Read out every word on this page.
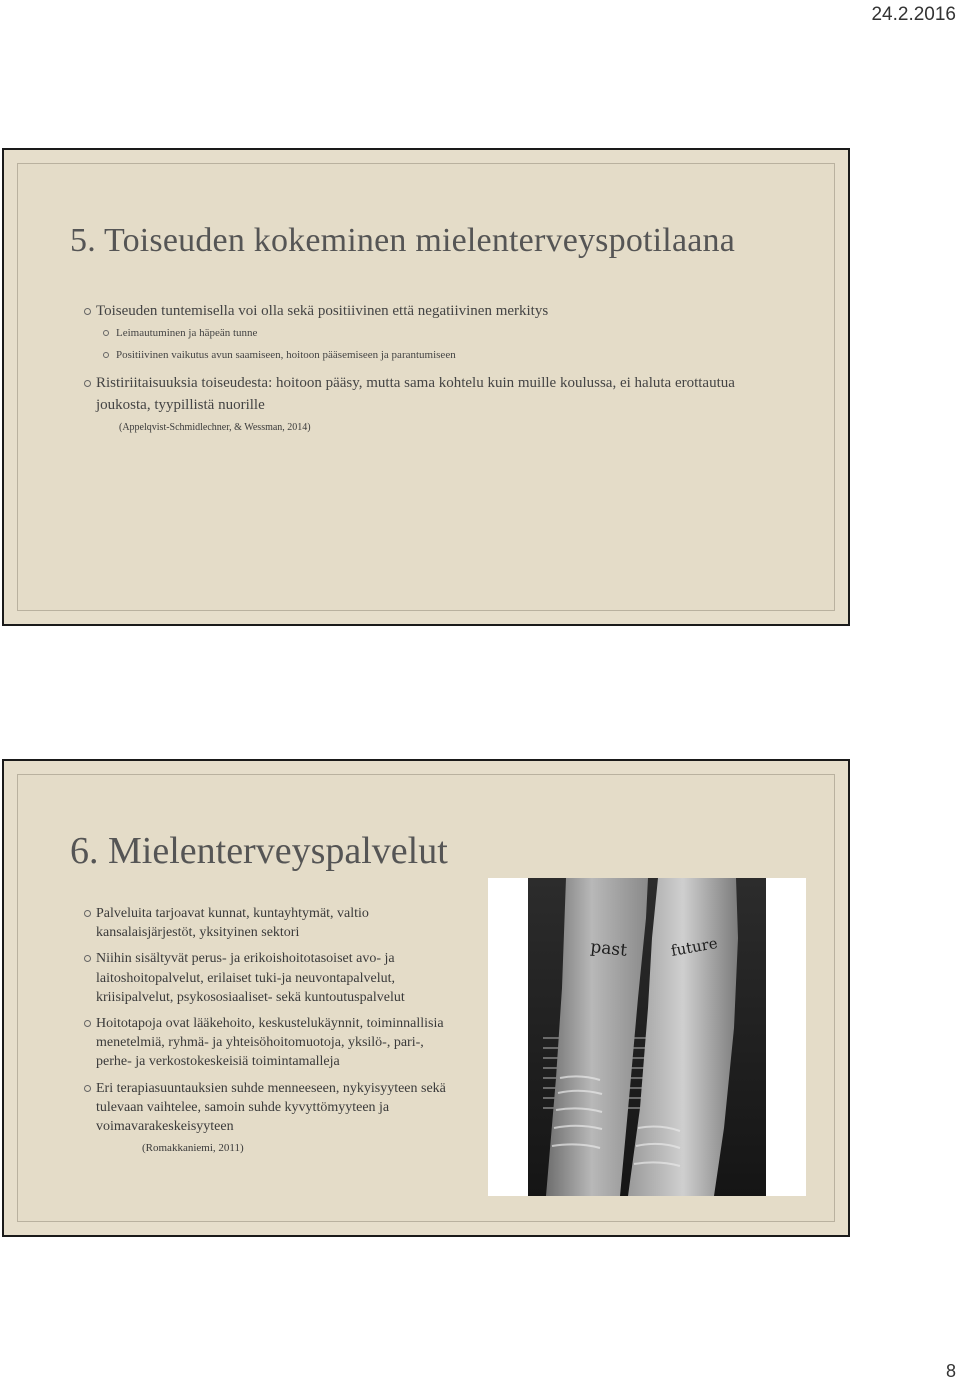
24.2.2016
5. Toiseuden kokeminen mielenterveyspotilaana
Toiseuden tuntemisella voi olla sekä positiivinen että negatiivinen merkitys
Leimautuminen ja häpeän tunne
Positiivinen vaikutus avun saamiseen, hoitoon pääsemiseen ja parantumiseen
Ristiriitaisuuksia toiseudesta: hoitoon pääsy, mutta sama kohtelu kuin muille koulussa, ei haluta erottautua joukosta, tyypillistä nuorille
(Appelqvist-Schmidlechner, & Wessman, 2014)
6. Mielenterveyspalvelut
Palveluita tarjoavat kunnat, kuntayhtymät, valtio kansalaisjärjestöt, yksityinen sektori
Niihin sisältyvät perus- ja erikoishoitotasoiset avo- ja laitoshoitopalvelut, erilaiset tuki-ja neuvontapalvelut, kriisipalvelut, psykososiaaliset- sekä kuntoutuspalvelut
Hoitotapoja ovat lääkehoito, keskustelukäynnit, toiminnallisia menetelmiä, ryhmä- ja yhteisöhoitomuotoja, yksilö-, pari-, perhe- ja verkostokeskeisiä toimintamalleja
Eri terapiasuuntauksien suhde menneeseen, nykyisyyteen sekä tulevaan vaihtelee, samoin suhde kyvyttömyyteen ja voimavarakeskeisyyteen
(Romakkaniemi, 2011)
past	future
8
